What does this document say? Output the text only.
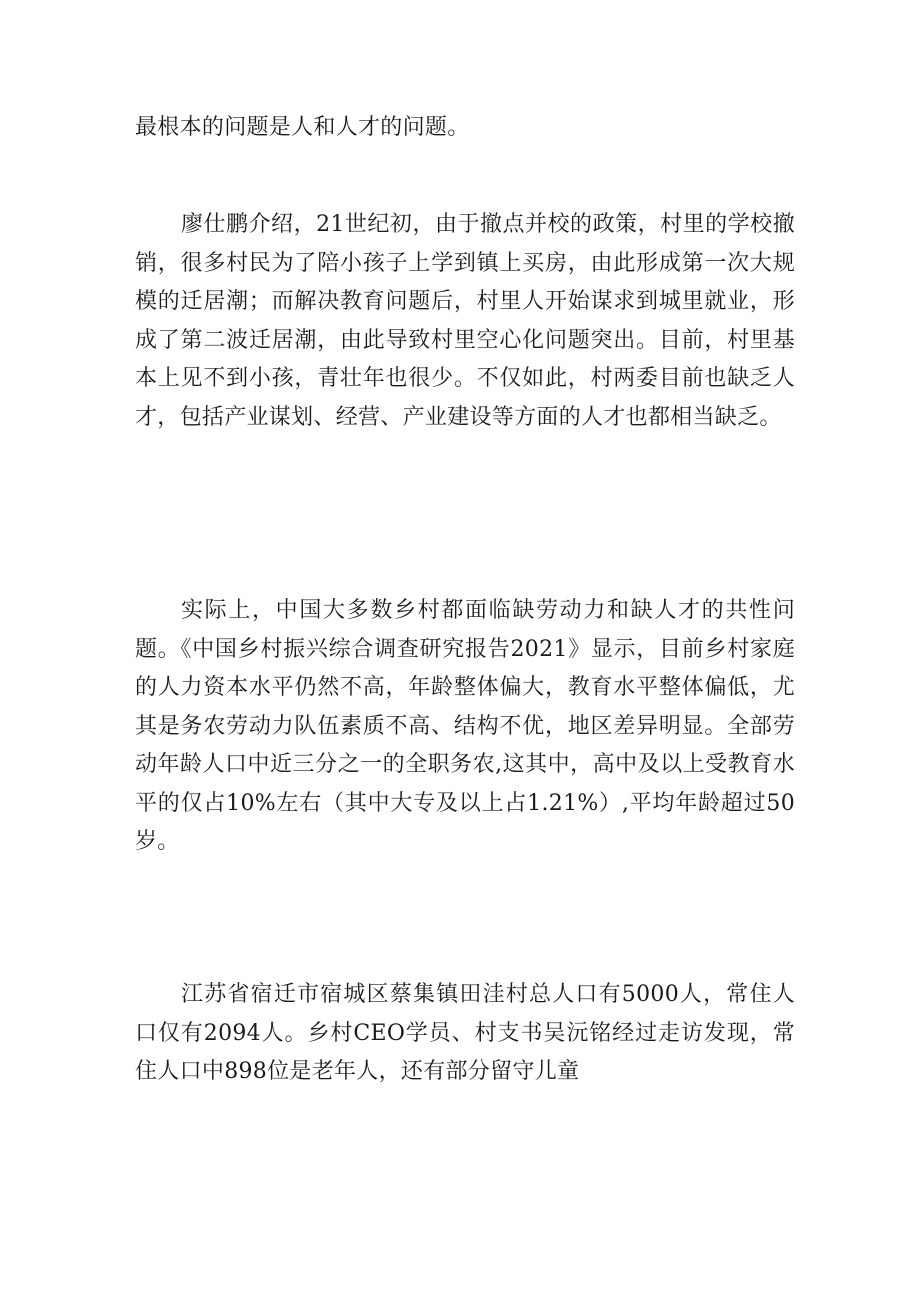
最根本的问题是人和人才的问题。

廖仕鹏介绍，21世纪初，由于撤点并校的政策，村里的学校撤销，很多村民为了陪小孩子上学到镇上买房，由此形成第一次大规模的迁居潮；而解决教育问题后，村里人开始谋求到城里就业，形成了第二波迁居潮，由此导致村里空心化问题突出。目前，村里基本上见不到小孩，青壮年也很少。不仅如此，村两委目前也缺乏人才，包括产业谋划、经营、产业建设等方面的人才也都相当缺乏。

实际上，中国大多数乡村都面临缺劳动力和缺人才的共性问题。《中国乡村振兴综合调查研究报告2021》显示，目前乡村家庭的人力资本水平仍然不高，年龄整体偏大，教育水平整体偏低，尤其是务农劳动力队伍素质不高、结构不优，地区差异明显。全部劳动年龄人口中近三分之一的全职务农,这其中，高中及以上受教育水平的仅占10%左右（其中大专及以上占1.21%）,平均年龄超过50岁。

江苏省宿迁市宿城区蔡集镇田洼村总人口有5000人，常住人口仅有2094人。乡村CEO学员、村支书吴沅铭经过走访发现，常住人口中898位是老年人，还有部分留守儿童
